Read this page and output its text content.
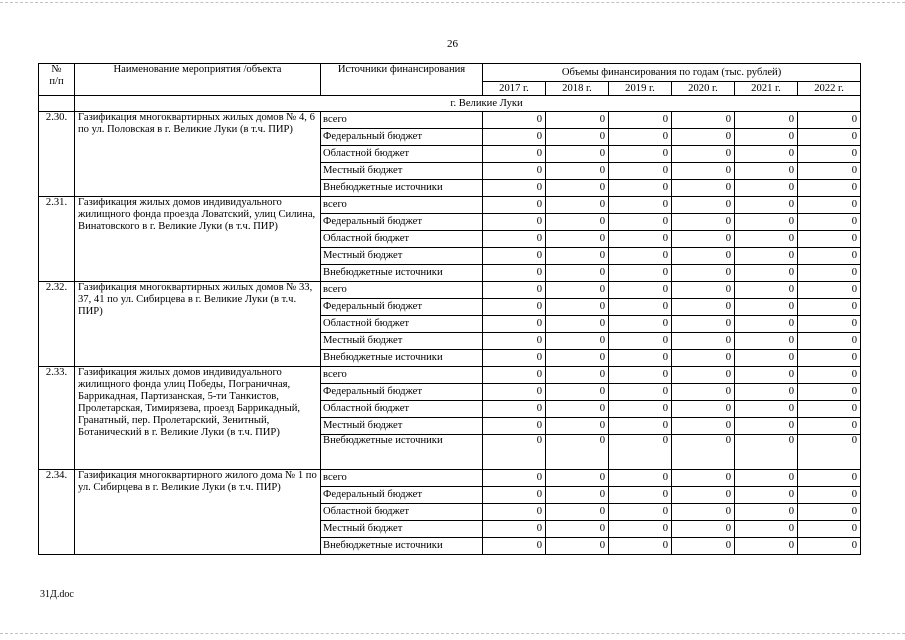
26
№
п/п	Наименование мероприятия /объекта	Источники финансирования	Объемы финансирования по годам (тыс. рублей)					
			2017 г.	2018 г.	2019 г.	2020 г.	2021 г.	2022 г.
	г. Великие Луки							
2.30.	Газификация многоквартирных жилых домов № 4, 6 по ул. Половская в г. Великие Луки (в т.ч. ПИР)	всего	0	0	0	0	0	0
		Федеральный бюджет	0	0	0	0	0	0
		Областной бюджет	0	0	0	0	0	0
		Местный бюджет	0	0	0	0	0	0
		Внебюджетные источники	0	0	0	0	0	0
2.31.	Газификация жилых домов индивидуального жилищного фонда проезда Ловатский, улиц Силина, Винатовского в г. Великие Луки (в т.ч. ПИР)	всего	0	0	0	0	0	0
		Федеральный бюджет	0	0	0	0	0	0
		Областной бюджет	0	0	0	0	0	0
		Местный бюджет	0	0	0	0	0	0
		Внебюджетные источники	0	0	0	0	0	0
2.32.	Газификация многоквартирных жилых домов № 33, 37, 41 по ул. Сибирцева в г. Великие Луки (в т.ч. ПИР)	всего	0	0	0	0	0	0
		Федеральный бюджет	0	0	0	0	0	0
		Областной бюджет	0	0	0	0	0	0
		Местный бюджет	0	0	0	0	0	0
		Внебюджетные источники	0	0	0	0	0	0
2.33.	Газификация жилых домов индивидуального жилищного фонда улиц Победы, Пограничная, Баррикадная, Партизанская, 5-ти Танкистов, Пролетарская, Тимирязева, проезд Баррикадный, Гранатный, пер. Пролетарский, Зенитный, Ботанический в г. Великие Луки (в т.ч. ПИР)	всего	0	0	0	0	0	0
		Федеральный бюджет	0	0	0	0	0	0
		Областной бюджет	0	0	0	0	0	0
		Местный бюджет	0	0	0	0	0	0
		Внебюджетные источники	0	0	0	0	0	0
2.34.	Газификация многоквартирного жилого дома № 1 по ул. Сибирцева в г. Великие Луки (в т.ч. ПИР)	всего	0	0	0	0	0	0
		Федеральный бюджет	0	0	0	0	0	0
		Областной бюджет	0	0	0	0	0	0
		Местный бюджет	0	0	0	0	0	0
		Внебюджетные источники	0	0	0	0	0	0
31Д.doc
